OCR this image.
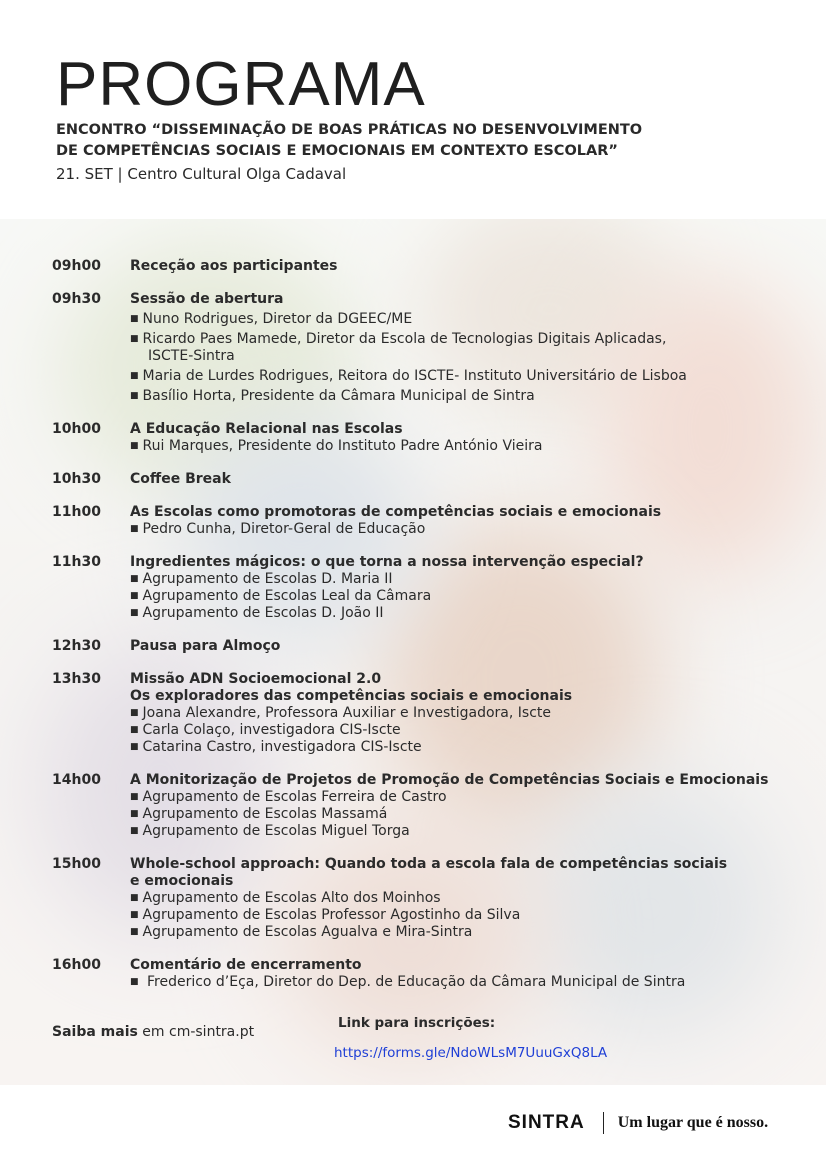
PROGRAMA
ENCONTRO “DISSEMINAÇÃO DE BOAS PRÁTICAS NO DESENVOLVIMENTO
DE COMPETÊNCIAS SOCIAIS E EMOCIONAIS EM CONTEXTO ESCOLAR”
21. SET | Centro Cultural Olga Cadaval
09h00	Receção aos participantes
09h30	Sessão de abertura
■ Nuno Rodrigues, Diretor da DGEEC/ME
■ Ricardo Paes Mamede, Diretor da Escola de Tecnologias Digitais Aplicadas,
ISCTE-Sintra
■ Maria de Lurdes Rodrigues, Reitora do ISCTE- Instituto Universitário de Lisboa
■ Basílio Horta, Presidente da Câmara Municipal de Sintra
10h00	A Educação Relacional nas Escolas
■ Rui Marques, Presidente do Instituto Padre António Vieira
10h30	Coffee Break
11h00	As Escolas como promotoras de competências sociais e emocionais
■ Pedro Cunha, Diretor-Geral de Educação
11h30	Ingredientes mágicos: o que torna a nossa intervenção especial?
■ Agrupamento de Escolas D. Maria II
■ Agrupamento de Escolas Leal da Câmara
■ Agrupamento de Escolas D. João II
12h30	Pausa para Almoço
13h30	Missão ADN Socioemocional 2.0
Os exploradores das competências sociais e emocionais
■ Joana Alexandre, Professora Auxiliar e Investigadora, Iscte
■ Carla Colaço, investigadora CIS-Iscte
■ Catarina Castro, investigadora CIS-Iscte
14h00	A Monitorização de Projetos de Promoção de Competências Sociais e Emocionais
■ Agrupamento de Escolas Ferreira de Castro
■ Agrupamento de Escolas Massamá
■ Agrupamento de Escolas Miguel Torga
15h00	Whole-school approach: Quando toda a escola fala de competências sociais
e emocionais
■ Agrupamento de Escolas Alto dos Moinhos
■ Agrupamento de Escolas Professor Agostinho da Silva
■ Agrupamento de Escolas Agualva e Mira-Sintra
16h00	Comentário de encerramento
■ Frederico d’Eça, Diretor do Dep. de Educação da Câmara Municipal de Sintra
Saiba mais em cm-sintra.pt
Link para inscrições:
https://forms.gle/NdoWLsM7UuuGxQ8LA
SINTRA Um lugar que é nosso.
